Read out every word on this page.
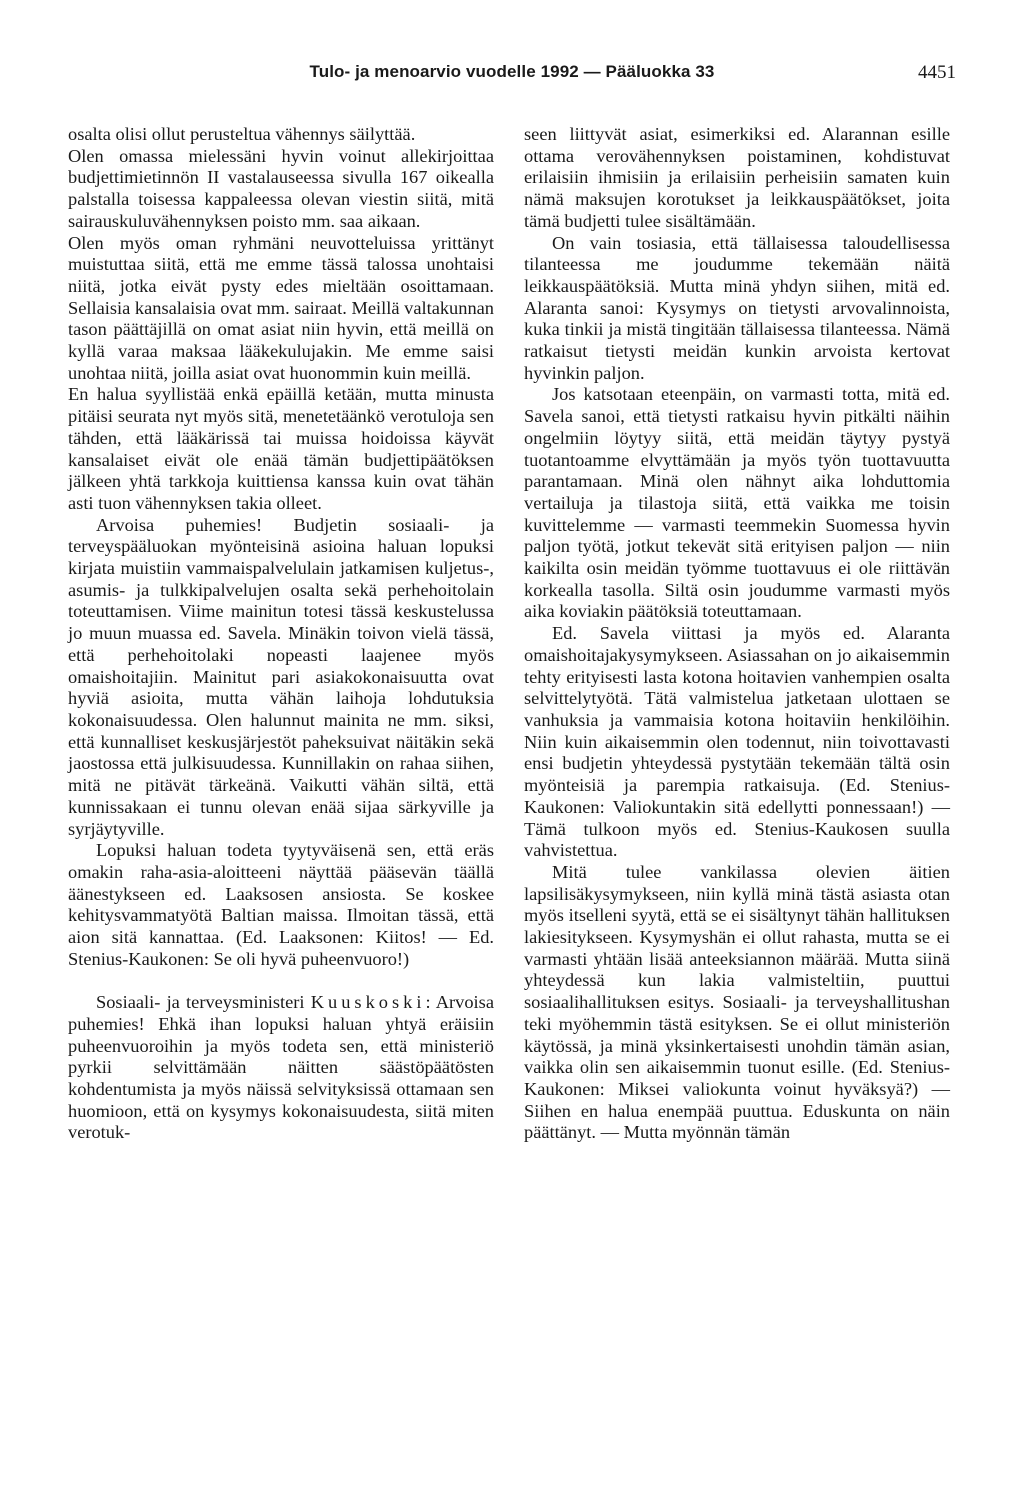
Tulo- ja menoarvio vuodelle 1992 — Pääluokka 33	4451

osalta olisi ollut perusteltua vähennys säilyttää.

Olen omassa mielessäni hyvin voinut allekirjoittaa budjettimietinnön II vastalauseessa sivulla 167 oikealla palstalla toisessa kappaleessa olevan viestin siitä, mitä sairauskuluvähennyksen poisto mm. saa aikaan.

Olen myös oman ryhmäni neuvotteluissa yrittänyt muistuttaa siitä, että me emme tässä talossa unohtaisi niitä, jotka eivät pysty edes mieltään osoittamaan. Sellaisia kansalaisia ovat mm. sairaat. Meillä valtakunnan tason päättäjillä on omat asiat niin hyvin, että meillä on kyllä varaa maksaa lääkekulujakin. Me emme saisi unohtaa niitä, joilla asiat ovat huonommin kuin meillä.

En halua syyllistää enkä epäillä ketään, mutta minusta pitäisi seurata nyt myös sitä, menetetäänkö verotuloja sen tähden, että lääkärissä tai muissa hoidoissa käyvät kansalaiset eivät ole enää tämän budjettipäätöksen jälkeen yhtä tarkkoja kuittiensa kanssa kuin ovat tähän asti tuon vähennyksen takia olleet.

Arvoisa puhemies! Budjetin sosiaali- ja terveyspääluokan myönteisinä asioina haluan lopuksi kirjata muistiin vammaispalvelulain jatkamisen kuljetus-, asumis- ja tulkkipalvelujen osalta sekä perhehoitolain toteuttamisen. Viime mainitun totesi tässä keskustelussa jo muun muassa ed. Savela. Minäkin toivon vielä tässä, että perhehoitolaki nopeasti laajenee myös omaishoitajiin. Mainitut pari asiakokonaisuutta ovat hyviä asioita, mutta vähän laihoja lohdutuksia kokonaisuudessa. Olen halunnut mainita ne mm. siksi, että kunnalliset keskusjärjestöt paheksuivat näitäkin sekä jaostossa että julkisuudessa. Kunnillakin on rahaa siihen, mitä ne pitävät tärkeänä. Vaikutti vähän siltä, että kunnissakaan ei tunnu olevan enää sijaa särkyville ja syrjäytyville.

Lopuksi haluan todeta tyytyväisenä sen, että eräs omakin raha-asia-aloitteeni näyttää pääsevän täällä äänestykseen ed. Laaksosen ansiosta. Se koskee kehitysvammatyötä Baltian maissa. Ilmoitan tässä, että aion sitä kannattaa. (Ed. Laaksonen: Kiitos! — Ed. Stenius-Kaukonen: Se oli hyvä puheenvuoro!)

Sosiaali- ja terveysministeri Kuuskoski: Arvoisa puhemies! Ehkä ihan lopuksi haluan yhtyä eräisiin puheenvuoroihin ja myös todeta sen, että ministeriö pyrkii selvittämään näitten säästöpäätösten kohdentumista ja myös näissä selvityksissä ottamaan sen huomioon, että on kysymys kokonaisuudesta, siitä miten verotuk-

seen liittyvät asiat, esimerkiksi ed. Alarannan esille ottama verovähennyksen poistaminen, kohdistuvat erilaisiin ihmisiin ja erilaisiin perheisiin samaten kuin nämä maksujen korotukset ja leikkauspäätökset, joita tämä budjetti tulee sisältämään.

On vain tosiasia, että tällaisessa taloudellisessa tilanteessa me joudumme tekemään näitä leikkauspäätöksiä. Mutta minä yhdyn siihen, mitä ed. Alaranta sanoi: Kysymys on tietysti arvovalinnoista, kuka tinkii ja mistä tingitään tällaisessa tilanteessa. Nämä ratkaisut tietysti meidän kunkin arvoista kertovat hyvinkin paljon.

Jos katsotaan eteenpäin, on varmasti totta, mitä ed. Savela sanoi, että tietysti ratkaisu hyvin pitkälti näihin ongelmiin löytyy siitä, että meidän täytyy pystyä tuotantoamme elvyttämään ja myös työn tuottavuutta parantamaan. Minä olen nähnyt aika lohduttomia vertailuja ja tilastoja siitä, että vaikka me toisin kuvittelemme — varmasti teemmekin Suomessa hyvin paljon työtä, jotkut tekevät sitä erityisen paljon — niin kaikilta osin meidän työmme tuottavuus ei ole riittävän korkealla tasolla. Siltä osin joudumme varmasti myös aika koviakin päätöksiä toteuttamaan.

Ed. Savela viittasi ja myös ed. Alaranta omaishoitajakysymykseen. Asiassahan on jo aikaisemmin tehty erityisesti lasta kotona hoitavien vanhempien osalta selvittelytyötä. Tätä valmistelua jatketaan ulottaen se vanhuksia ja vammaisia kotona hoitaviin henkilöihin. Niin kuin aikaisemmin olen todennut, niin toivottavasti ensi budjetin yhteydessä pystytään tekemään tältä osin myönteisiä ja parempia ratkaisuja. (Ed. Stenius-Kaukonen: Valiokuntakin sitä edellytti ponnessaan!) — Tämä tulkoon myös ed. Stenius-Kaukosen suulla vahvistettua.

Mitä tulee vankilassa olevien äitien lapsilisäkysymykseen, niin kyllä minä tästä asiasta otan myös itselleni syytä, että se ei sisältynyt tähän hallituksen lakiesitykseen. Kysymyshän ei ollut rahasta, mutta se ei varmasti yhtään lisää anteeksiannon määrää. Mutta siinä yhteydessä kun lakia valmisteltiin, puuttui sosiaalihallituksen esitys. Sosiaali- ja terveyshallitushan teki myöhemmin tästä esityksen. Se ei ollut ministeriön käytössä, ja minä yksinkertaisesti unohdin tämän asian, vaikka olin sen aikaisemmin tuonut esille. (Ed. Stenius-Kaukonen: Miksei valiokunta voinut hyväksyä?) — Siihen en halua enempää puuttua. Eduskunta on näin päättänyt. — Mutta myönnän tämän
